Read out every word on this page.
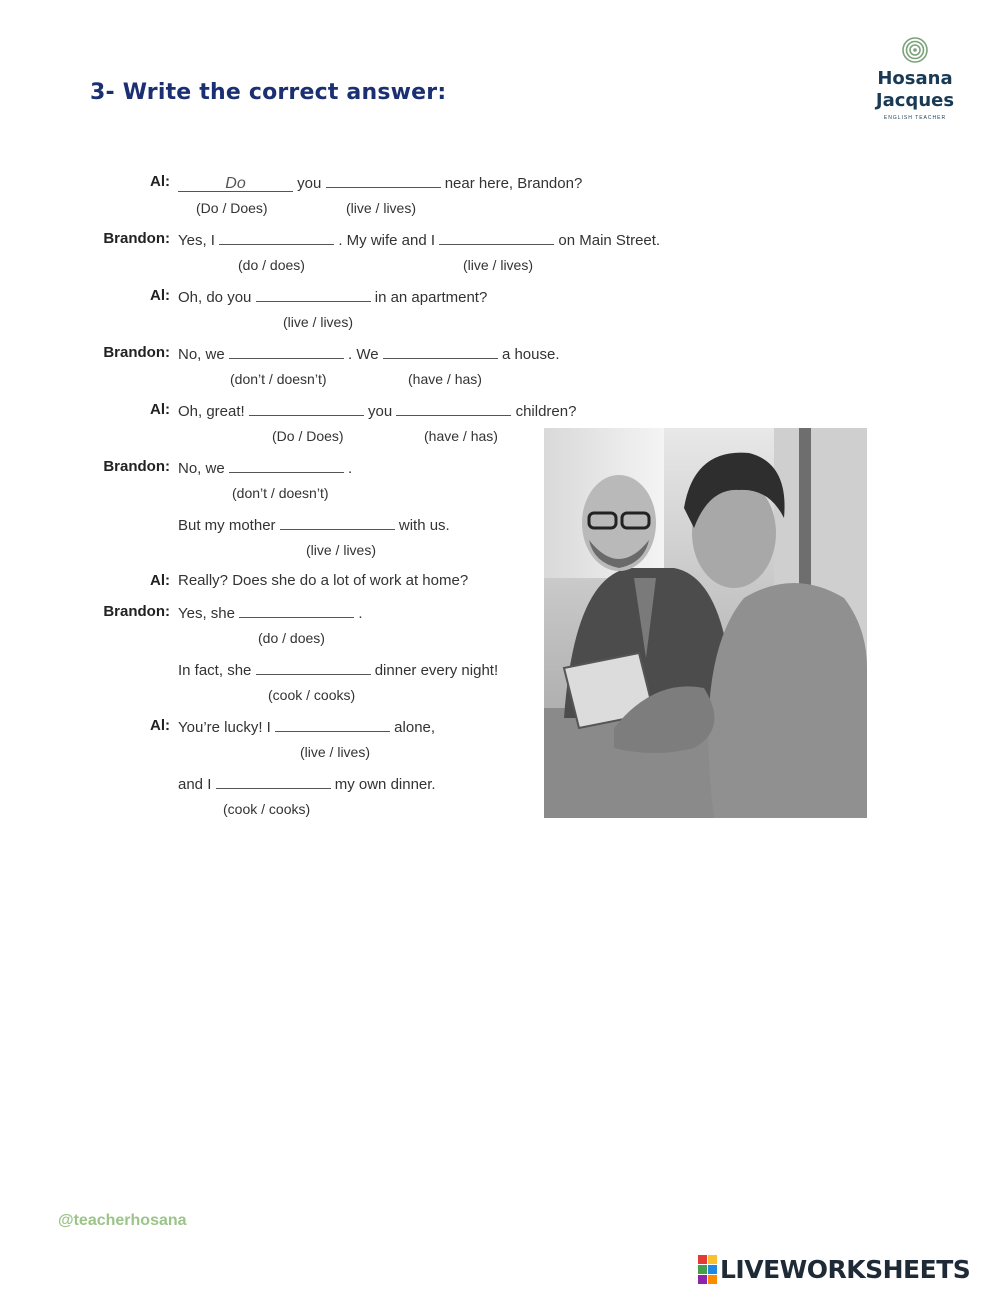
3- Write the correct answer:
Hosana
Jacques
ENGLISH TEACHER
Al:	Do	you	near here, Brandon?
(Do / Does)	(live / lives)
Brandon: Yes, I	. My wife and I	on Main Street.
(do / does)	(live / lives)
Al: Oh, do you	in an apartment?
(live / lives)
Brandon: No, we	. We	a house.
(don’t / doesn’t)	(have / has)
Al: Oh, great!	you	children?
(Do / Does)	(have / has)
Brandon: No, we	.
(don’t / doesn’t)
But my mother	with us.
(live / lives)
Al: Really? Does she do a lot of work at home?
Brandon: Yes, she	.
(do / does)
In fact, she	dinner every night!
(cook / cooks)
Al: You’re lucky! I	alone,
(live / lives)
and I	my own dinner.
(cook / cooks)
@teacherhosana
LIVEWORKSHEETS
